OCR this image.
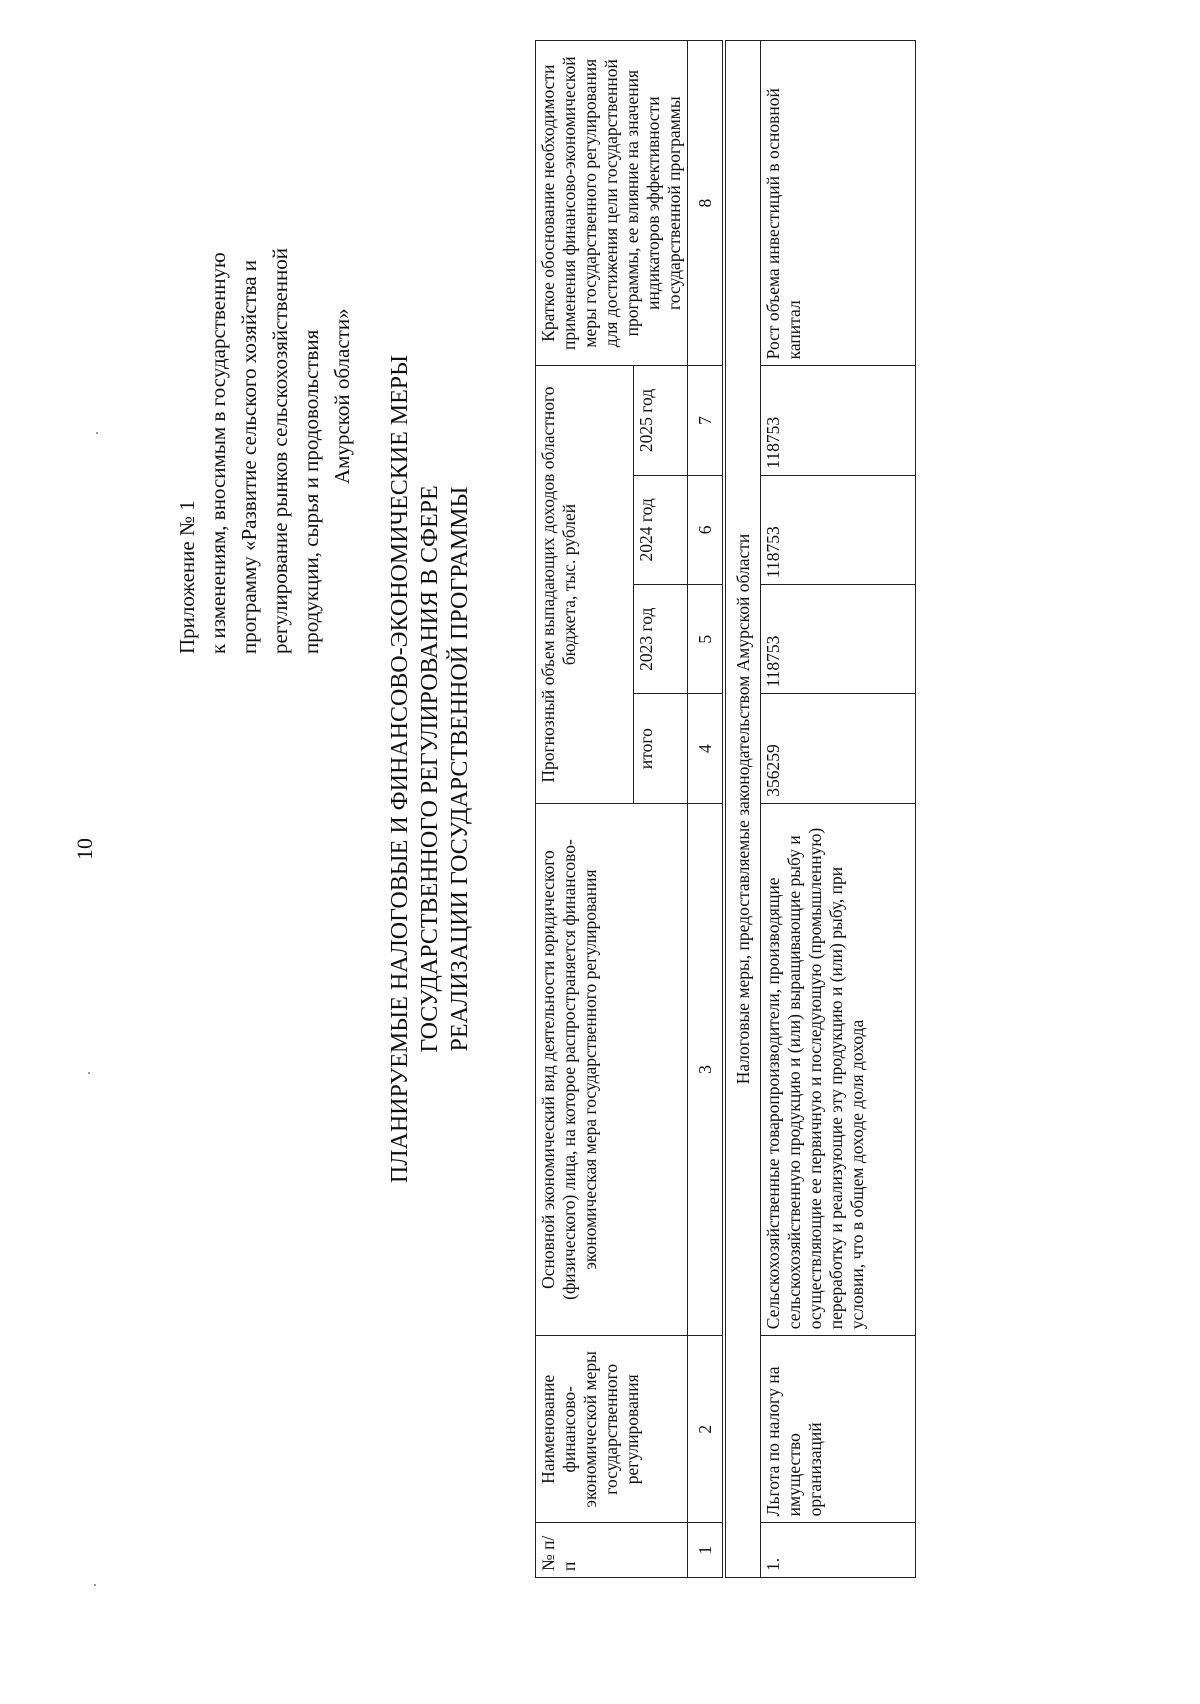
10
Приложение № 1 к изменениям, вносимым в государственную программу «Развитие сельского хозяйства и регулирование рынков сельскохозяйственной продукции, сырья и продовольствия Амурской области» ПЛАНИРУЕМЫЕ НАЛОГОВЫЕ И ФИНАНСОВО-ЭКОНОМИЧЕСКИЕ МЕРЫ ГОСУДАРСТВЕННОГО РЕГУЛИРОВАНИЯ В СФЕРЕ РЕАЛИЗАЦИИ ГОСУДАРСТВЕННОЙ ПРОГРАММЫ
№ п/п	Наименование финансово-экономической меры государственного регулирования	Основной экономический вид деятельности юридического (физического) лица, на которое распространяется финансово-экономическая мера государственного регулирования	Прогнозный объем выпадающих доходов областного бюджета, тыс. рублей				Краткое обоснование необходимости применения финансово-экономической меры государственного регулирования для достижения цели государственной программы, ее влияние на значения индикаторов эффективности государственной программы
			итого	2023 год	2024 год	2025 год	
1	2	3	4	5	6	7	8
Налоговые меры, предоставляемые законодательством Амурской области							
1.	Льгота по налогу на имущество организаций	Сельскохозяйственные товаропроизводители, производящие сельскохозяйственную продукцию и (или) выращивающие рыбу и осуществляющие ее первичную и последующую (промышленную) переработку и реализующие эту продукцию и (или) рыбу, при условии, что в общем доходе доля дохода	356259	118753	118753	118753	Рост объема инвестиций в основной капитал
